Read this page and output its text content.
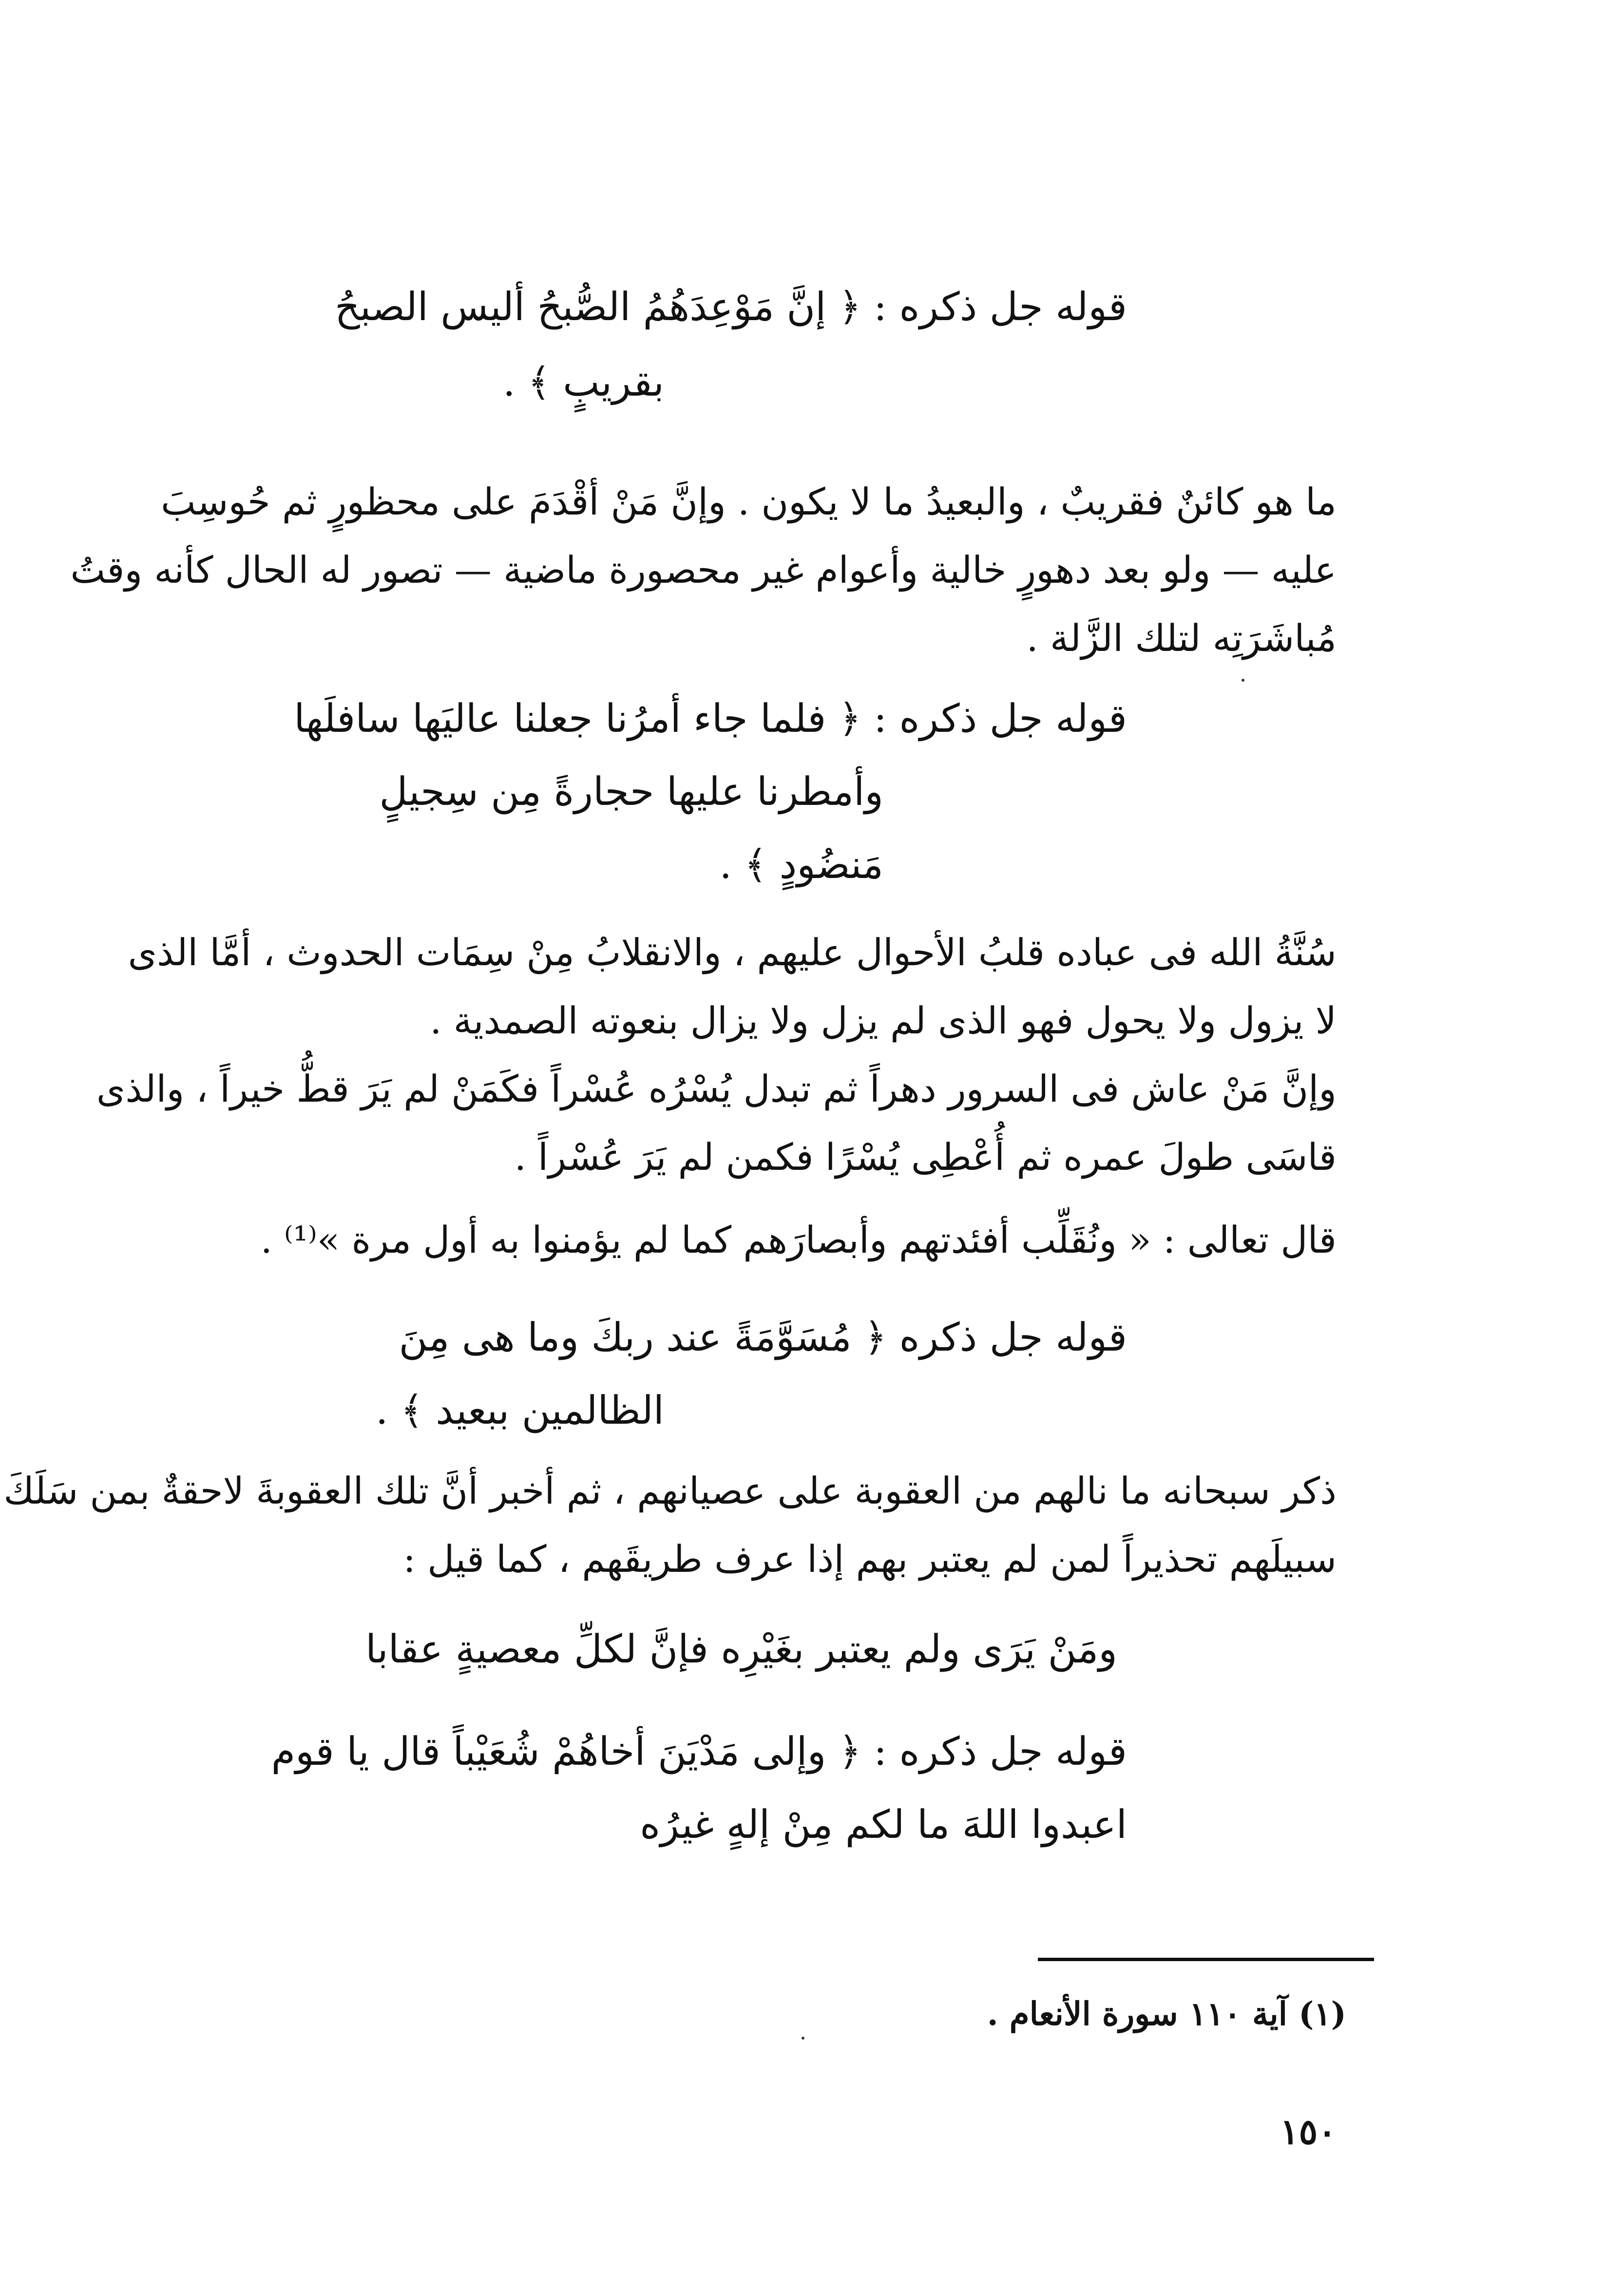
قوله جل ذكره : ﴿ إنَّ مَوْعِدَهُمُ الصُّبحُ أليس الصبحُ
بقريبٍ ﴾ .
ما هو كائنٌ فقريبٌ ، والبعيدُ ما لا يكون . وإنَّ مَنْ أقْدَمَ على محظورٍ ثم حُوسِبَ
عليه — ولو بعد دهورٍ خالية وأعوام غير محصورة ماضية — تصور له الحال كأنه وقتُ
مُباشَرَتِه لتلك الزَّلة .
قوله جل ذكره : ﴿ فلما جاء أمرُنا جعلنا عاليَها سافلَها
وأمطرنا عليها حجارةً مِن سِجيلٍ
مَنضُودٍ ﴾ .
سُنَّةُ الله فى عباده قلبُ الأحوال عليهم ، والانقلابُ مِنْ سِمَات الحدوث ، أمَّا الذى
لا يزول ولا يحول فهو الذى لم يزل ولا يزال بنعوته الصمدية .
وإنَّ مَنْ عاش فى السرور دهراً ثم تبدل يُسْرُه عُسْراً فكَمَنْ لم يَرَ قطُّ خيراً ، والذى
قاسَى طولَ عمره ثم أُعْطِى يُسْرًا فكمن لم يَرَ عُسْراً .
قال تعالى : « ونُقَلِّب أفئدتهم وأبصارَهم كما لم يؤمنوا به أول مرة »⁽¹⁾ .
قوله جل ذكره ﴿ مُسَوَّمَةً عند ربكَ وما هى مِنَ
الظالمين ببعيد ﴾ .
ذكر سبحانه ما نالهم من العقوبة على عصيانهم ، ثم أخبر أنَّ تلك العقوبةَ لاحقةٌ بمن سَلَكَ
سبيلَهم تحذيراً لمن لم يعتبر بهم إذا عرف طريقَهم ، كما قيل :
ومَنْ يَرَى ولم يعتبر بغَيْرِه فإنَّ لكلِّ معصيةٍ عقابا
قوله جل ذكره : ﴿ وإلى مَدْيَنَ أخاهُمْ شُعَيْباً قال يا قوم
اعبدوا اللهَ ما لكم مِنْ إلهٍ غيرُه
(١) آية ١١٠ سورة الأنعام .
١٥٠
